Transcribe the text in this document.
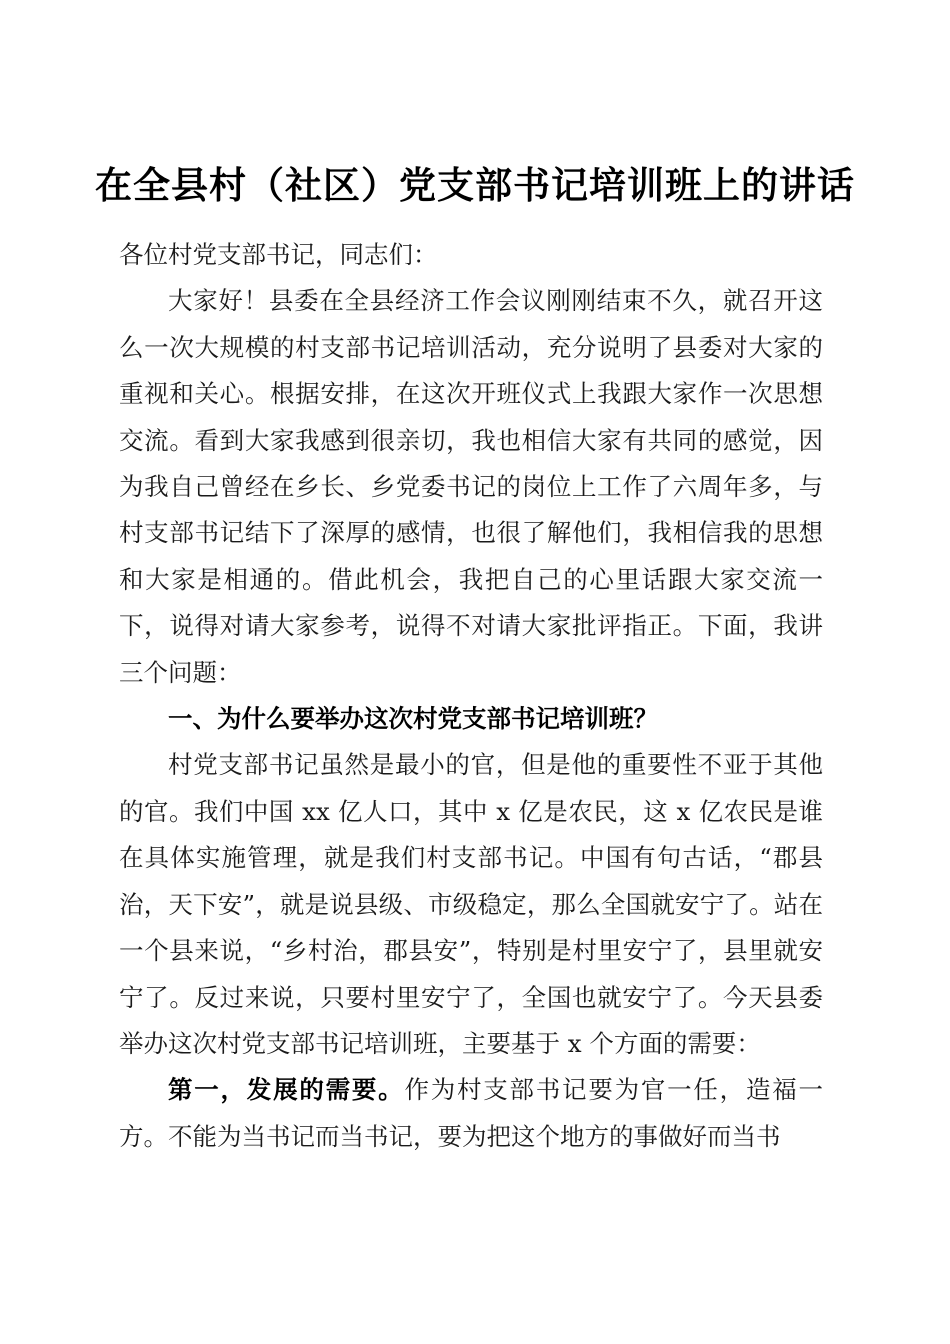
在全县村（社区）党支部书记培训班上的讲话

各位村党支部书记，同志们：

大家好！县委在全县经济工作会议刚刚结束不久，就召开这么一次大规模的村支部书记培训活动，充分说明了县委对大家的重视和关心。根据安排，在这次开班仪式上我跟大家作一次思想交流。看到大家我感到很亲切，我也相信大家有共同的感觉，因为我自己曾经在乡长、乡党委书记的岗位上工作了六周年多，与村支部书记结下了深厚的感情，也很了解他们，我相信我的思想和大家是相通的。借此机会，我把自己的心里话跟大家交流一下，说得对请大家参考，说得不对请大家批评指正。下面，我讲三个问题：

一、为什么要举办这次村党支部书记培训班？

村党支部书记虽然是最小的官，但是他的重要性不亚于其他的官。我们中国 xx 亿人口，其中 x 亿是农民，这 x 亿农民是谁在具体实施管理，就是我们村支部书记。中国有句古话，“郡县治，天下安”，就是说县级、市级稳定，那么全国就安宁了。站在一个县来说，“乡村治，郡县安”，特别是村里安宁了，县里就安宁了。反过来说，只要村里安宁了，全国也就安宁了。今天县委举办这次村党支部书记培训班，主要基于 x 个方面的需要：

第一，发展的需要。作为村支部书记要为官一任，造福一方。不能为当书记而当书记，要为把这个地方的事做好而当书
